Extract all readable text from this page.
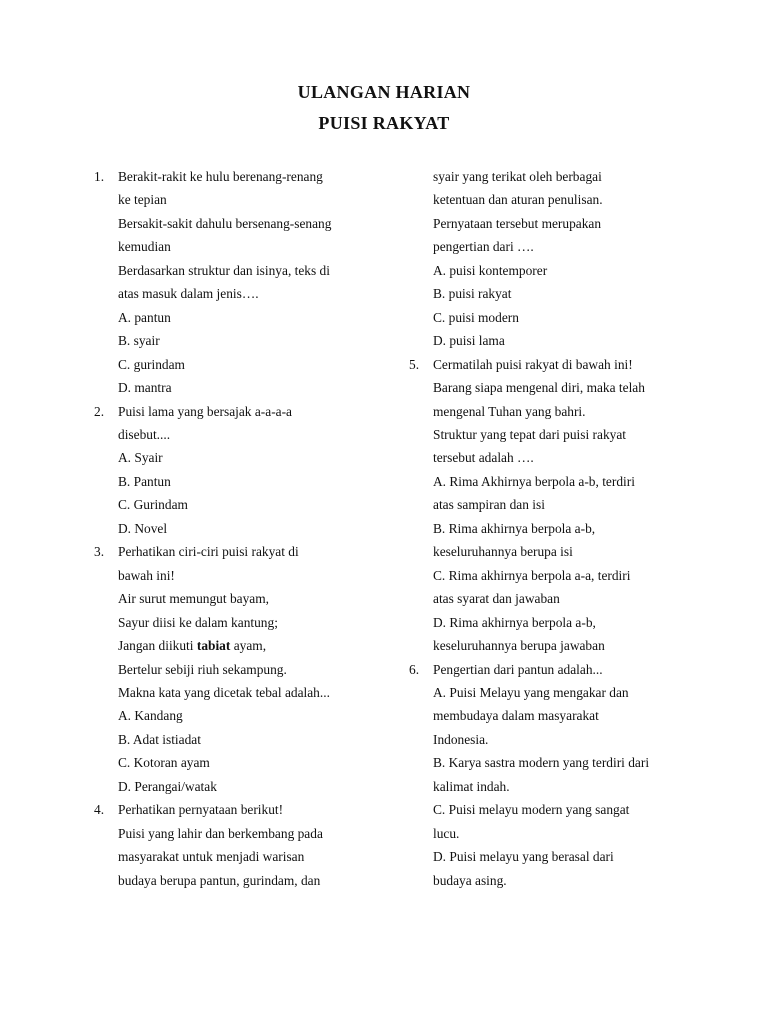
ULANGAN HARIAN
PUISI RAKYAT
1.	Berakit-rakit ke hulu berenang-renang
ke tepian
Bersakit-sakit dahulu bersenang-senang
kemudian
Berdasarkan struktur dan isinya, teks di
atas masuk dalam jenis….
A. pantun
B. syair
C. gurindam
D. mantra
2.	Puisi lama yang bersajak a-a-a-a
disebut....
A. Syair
B. Pantun
C. Gurindam
D. Novel
3.	Perhatikan ciri-ciri puisi rakyat di
bawah ini!
Air surut memungut bayam,
Sayur diisi ke dalam kantung;
Jangan diikuti tabiat ayam,
Bertelur sebiji riuh sekampung.
Makna kata yang dicetak tebal adalah...
A. Kandang
B. Adat istiadat
C. Kotoran ayam
D. Perangai/watak
4.	Perhatikan pernyataan berikut!
Puisi yang lahir dan berkembang pada
masyarakat untuk menjadi warisan
budaya berupa pantun, gurindam, dan
syair yang terikat oleh berbagai
ketentuan dan aturan penulisan.
Pernyataan tersebut merupakan
pengertian dari ….
A. puisi kontemporer
B. puisi rakyat
C. puisi modern
D. puisi lama
5.	Cermatilah puisi rakyat di bawah ini!
Barang siapa mengenal diri, maka telah
mengenal Tuhan yang bahri.
Struktur yang tepat dari puisi rakyat
tersebut adalah ….
A. Rima Akhirnya berpola a-b, terdiri
atas sampiran dan isi
B. Rima akhirnya berpola a-b,
keseluruhannya berupa isi
C. Rima akhirnya berpola a-a, terdiri
atas syarat dan jawaban
D. Rima akhirnya berpola a-b,
keseluruhannya berupa jawaban
6.	Pengertian dari pantun adalah...
A. Puisi Melayu yang mengakar dan
membudaya dalam masyarakat
Indonesia.
B. Karya sastra modern yang terdiri dari
kalimat indah.
C. Puisi melayu modern yang sangat
lucu.
D. Puisi melayu yang berasal dari
budaya asing.
